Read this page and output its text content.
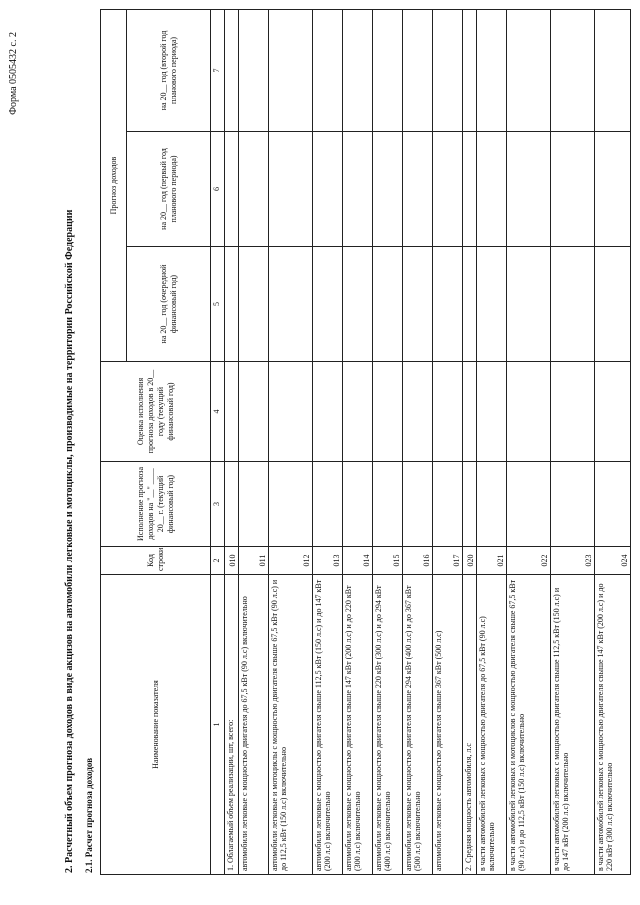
Форма 0505432 с. 2
2. Расчетный объем прогноза доходов в виде акцизов на автомобили легковые и мотоциклы, производимые на территории Российской Федерации 2.1. Расчет прогноза доходов
Наименование показателя	Код строки	Исполнение прогноза доходов на "__" ____ 20__ г. (текущий финансовый год)	Оценка исполнения прогноза доходов в 20__ году (текущий финансовый год)	Прогноз доходов		
				на 20__ год (очередной финансовый год)	на 20__ год (первый год планового периода)	на 20__ год (второй год планового периода)
1	2	3	4	5	6	7
1. Облагаемый объем реализации, шт, всего:	010					
автомобили легковые с мощностью двигателя до 67,5 кВт (90 л.с) включительно	011					
автомобили легковые и мотоциклы с мощностью двигателя свыше 67,5 кВт (90 л.с) и до 112,5 кВт (150 л.с) включительно	012					
автомобили легковые с мощностью двигателя свыше 112,5 кВт (150 л.с) и до 147 кВт (200 л.с) включительно	013					
автомобили легковые с мощностью двигателя свыше 147 кВт (200 л.с) и до 220 кВт (300 л.с) включительно	014					
автомобили легковые с мощностью двигателя свыше 220 кВт (300 л.с) и до 294 кВт (400 л.с) включительно	015					
автомобили легковые с мощностью двигателя свыше 294 кВт (400 л.с) и до 367 кВт (500 л.с) включительно	016					
автомобили легковые с мощностью двигателя свыше 367 кВт (500 л.с)	017					
2. Средняя мощность автомобиля, л.с	020					
в части автомобилей легковых с мощностью двигателя до 67,5 кВт (90 л.с) включительно	021					
в части автомобилей легковых и мотоциклов с мощностью двигателя свыше 67,5 кВт (90 л.с) и до 112,5 кВт (150 л.с) включительно	022					
в части автомобилей легковых с мощностью двигателя свыше 112,5 кВт (150 л.с) и до 147 кВт (200 л.с) включительно	023					
в части автомобилей легковых с мощностью двигателя свыше 147 кВт (200 л.с) и до 220 кВт (300 л.с) включительно	024					
